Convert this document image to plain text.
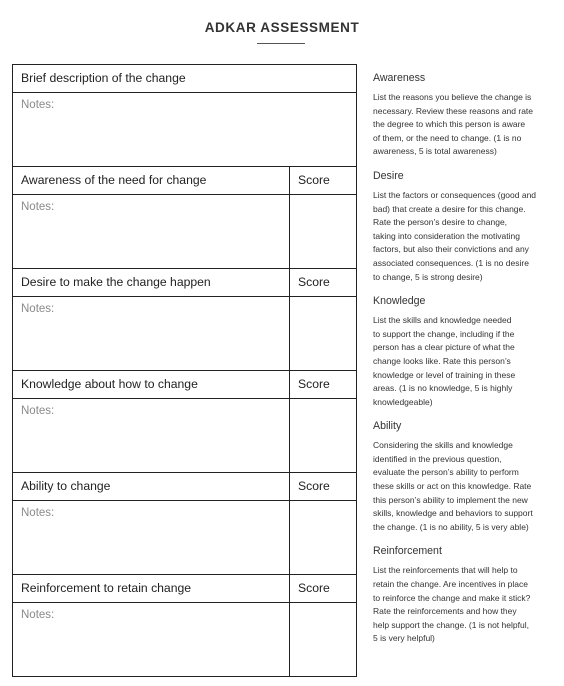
ADKAR ASSESSMENT
Brief description of the change
Notes:
Awareness of the need for change	Score
Notes:
Desire to make the change happen	Score
Notes:
Knowledge about how to change	Score
Notes:
Ability to change	Score
Notes:
Reinforcement to retain change	Score
Notes:

Awareness

List the reasons you believe the change is
necessary. Review these reasons and rate
the degree to which this person is aware
of them, or the need to change. (1 is no
awareness, 5 is total awareness)

Desire

List the factors or consequences (good and
bad) that create a desire for this change.
Rate the person’s desire to change,
taking into consideration the motivating
factors, but also their convictions and any
associated consequences. (1 is no desire
to change, 5 is strong desire)

Knowledge

List the skills and knowledge needed
to support the change, including if the
person has a clear picture of what the
change looks like. Rate this person’s
knowledge or level of training in these
areas. (1 is no knowledge, 5 is highly
knowledgeable)

Ability

Considering the skills and knowledge
identified in the previous question,
evaluate the person’s ability to perform
these skills or act on this knowledge. Rate
this person’s ability to implement the new
skills, knowledge and behaviors to support
the change. (1 is no ability, 5 is very able)

Reinforcement

List the reinforcements that will help to
retain the change. Are incentives in place
to reinforce the change and make it stick?
Rate the reinforcements and how they
help support the change. (1 is not helpful,
5 is very helpful)
